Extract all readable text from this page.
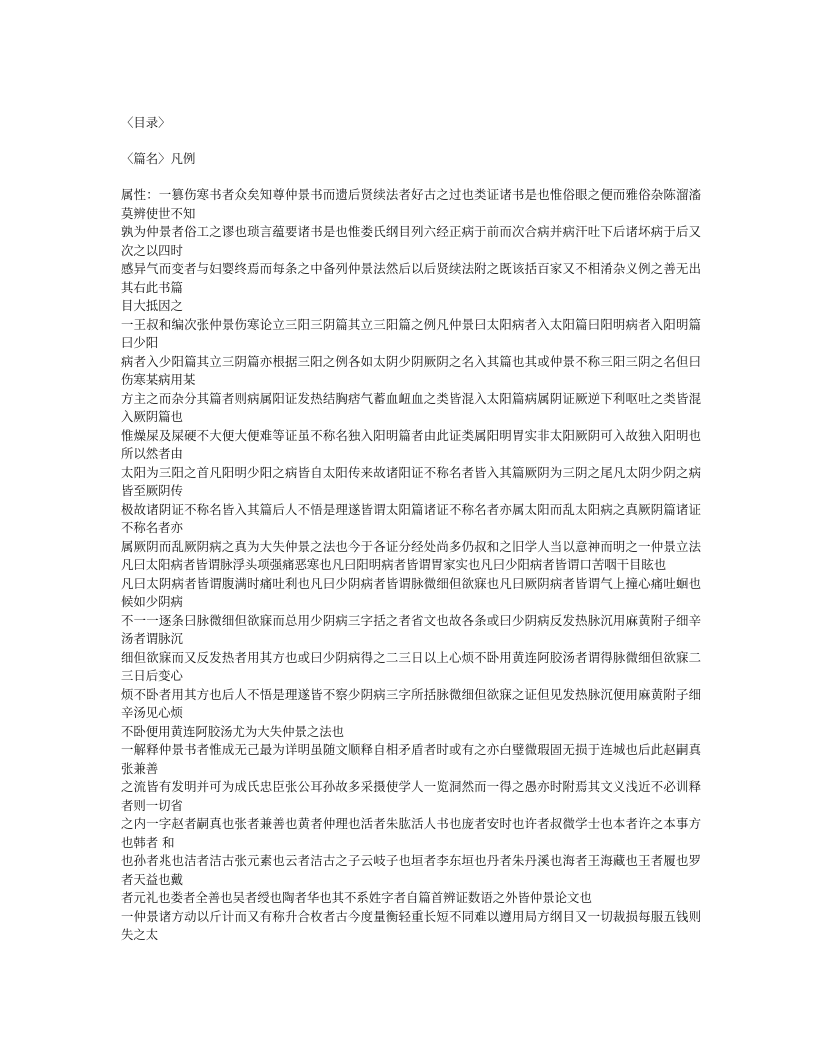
〈目录〉
〈篇名〉凡例

属性：一篡伤寒书者众矣知尊仲景书而遗后贤续法者好古之过也类证诸书是也惟俗眼之便而雅俗杂陈溜滀莫辨使世不知

孰为仲景者俗工之谬也琐言蕴要诸书是也惟娄氏纲目列六经正病于前而次合病并病汗吐下后诸坏病于后又次之以四时

感异气而变者与妇婴终焉而每条之中备列仲景法然后以后贤续法附之既该括百家又不相淆杂义例之善无出其右此书篇

目大抵因之

一王叔和编次张仲景伤寒论立三阳三阴篇其立三阳篇之例凡仲景曰太阳病者入太阳篇曰阳明病者入阳明篇曰少阳

病者入少阳篇其立三阴篇亦根据三阳之例各如太阴少阴厥阴之名入其篇也其或仲景不称三阳三阴之名但曰伤寒某病用某

方主之而杂分其篇者则病属阳证发热结胸痞气蓄血衄血之类皆混入太阳篇病属阴证厥逆下利呕吐之类皆混入厥阴篇也

惟燥屎及屎硬不大便大便难等证虽不称名独入阳明篇者由此证类属阳明胃实非太阳厥阴可入故独入阳明也所以然者由

太阳为三阳之首凡阳明少阳之病皆自太阳传来故诸阳证不称名者皆入其篇厥阴为三阴之尾凡太阴少阴之病皆至厥阴传

极故诸阴证不称名皆入其篇后人不悟是理遂皆谓太阳篇诸证不称名者亦属太阳而乱太阳病之真厥阴篇诸证不称名者亦

属厥阴而乱厥阴病之真为大失仲景之法也今于各证分经处尚多仍叔和之旧学人当以意神而明之一仲景立法凡曰太阳病者皆谓脉浮头项强痛恶寒也凡曰阳明病者皆谓胃家实也凡曰少阳病者皆谓口苦咽干目眩也

凡曰太阴病者皆谓腹满时痛吐利也凡曰少阴病者皆谓脉微细但欲寐也凡曰厥阴病者皆谓气上撞心痛吐蛔也候如少阴病

不一一逐条曰脉微细但欲寐而总用少阴病三字括之者省文也故各条或曰少阴病反发热脉沉用麻黄附子细辛汤者谓脉沉

细但欲寐而又反发热者用其方也或曰少阴病得之二三日以上心烦不卧用黄连阿胶汤者谓得脉微细但欲寐二三日后变心

烦不卧者用其方也后人不悟是理遂皆不察少阴病三字所括脉微细但欲寐之证但见发热脉沉便用麻黄附子细辛汤见心烦

不卧便用黄连阿胶汤尤为大失仲景之法也

一解释仲景书者惟成无己最为详明虽随文顺释自相矛盾者时或有之亦白璧微瑕固无损于连城也后此赵嗣真张兼善

之流皆有发明并可为成氏忠臣张公耳孙故多采摄使学人一览洞然而一得之愚亦时附焉其文义浅近不必训释者则一切省

之内一字赵者嗣真也张者兼善也黄者仲理也活者朱肱活人书也庞者安时也许者叔微学士也本者许之本事方也韩者 和

也孙者兆也洁者洁古张元素也云者洁古之子云岐子也垣者李东垣也丹者朱丹溪也海者王海藏也王者履也罗者天益也戴

者元礼也娄者全善也吴者绶也陶者华也其不系姓字者自篇首辨证数语之外皆仲景论文也

一仲景诸方动以斤计而又有称升合枚者古今度量衡轻重长短不同难以遵用局方纲目又一切裁损每服五钱则失之太
